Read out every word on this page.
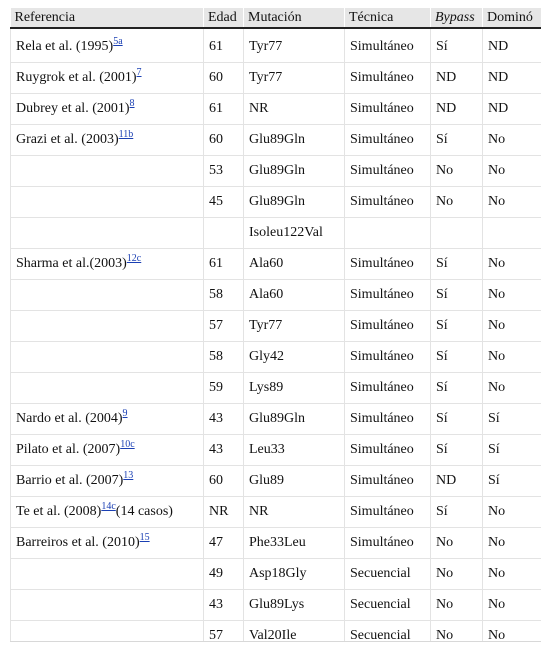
Referencia	Edad	Mutación	Técnica	Bypass	Dominó
Rela et al. (1995)$^{5a}$	61	Tyr77	Simultáneo	Sí	ND
Ruygrok et al. (2001)$^7$	60	Tyr77	Simultáneo	ND	ND
Dubrey et al. (2001)$^8$	61	NR	Simultáneo	ND	ND
Grazi et al. (2003)$^{11b}$	60	Glu89Gln	Simultáneo	Sí	No
	53	Glu89Gln	Simultáneo	No	No
	45	Glu89Gln	Simultáneo	No	No
		Isoleu122Val			
Sharma et al.(2003)$^{12c}$	61	Ala60	Simultáneo	Sí	No
	58	Ala60	Simultáneo	Sí	No
	57	Tyr77	Simultáneo	Sí	No
	58	Gly42	Simultáneo	Sí	No
	59	Lys89	Simultáneo	Sí	No
Nardo et al. (2004)$^9$	43	Glu89Gln	Simultáneo	Sí	Sí
Pilato et al. (2007)$^{10c}$	43	Leu33	Simultáneo	Sí	Sí
Barrio et al. (2007)$^{13}$	60	Glu89	Simultáneo	ND	Sí
Te et al. (2008)$^{14c}$(14 casos)	NR	NR	Simultáneo	Sí	No
Barreiros et al. (2010)$^{15}$	47	Phe33Leu	Simultáneo	No	No
	49	Asp18Gly	Secuencial	No	No
	43	Glu89Lys	Secuencial	No	No
	57	Val20Ile	Secuencial	No	No
